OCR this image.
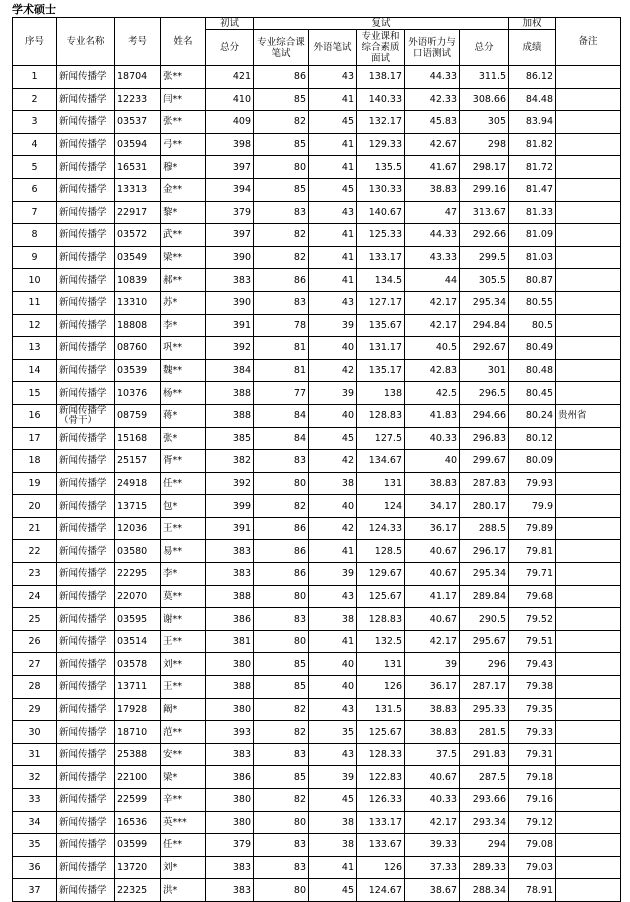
学术硕士
序号	专业名称	考号	姓名	初试	复试					加权	备注
				总分	专业综合课笔试	外语笔试	专业课和综合素质面试	外语听力与口语测试	总分	成绩	
1	新闻传播学	18704	张**	421	86	43	138.17	44.33	311.5	86.12	
2	新闻传播学	12233	闫**	410	85	41	140.33	42.33	308.66	84.48	
3	新闻传播学	03537	张**	409	82	45	132.17	45.83	305	83.94	
4	新闻传播学	03594	弓**	398	85	41	129.33	42.67	298	81.82	
5	新闻传播学	16531	穆*	397	80	41	135.5	41.67	298.17	81.72	
6	新闻传播学	13313	金**	394	85	45	130.33	38.83	299.16	81.47	
7	新闻传播学	22917	黎*	379	83	43	140.67	47	313.67	81.33	
8	新闻传播学	03572	武**	397	82	41	125.33	44.33	292.66	81.09	
9	新闻传播学	03549	梁**	390	82	41	133.17	43.33	299.5	81.03	
10	新闻传播学	10839	郝**	383	86	41	134.5	44	305.5	80.87	
11	新闻传播学	13310	苏*	390	83	43	127.17	42.17	295.34	80.55	
12	新闻传播学	18808	李*	391	78	39	135.67	42.17	294.84	80.5	
13	新闻传播学	08760	巩**	392	81	40	131.17	40.5	292.67	80.49	
14	新闻传播学	03539	魏**	384	81	42	135.17	42.83	301	80.48	
15	新闻传播学	10376	杨**	388	77	39	138	42.5	296.5	80.45	
16	新闻传播学（骨干）	08759	蒋*	388	84	40	128.83	41.83	294.66	80.24	贵州省
17	新闻传播学	15168	张*	385	84	45	127.5	40.33	296.83	80.12	
18	新闻传播学	25157	胥**	382	83	42	134.67	40	299.67	80.09	
19	新闻传播学	24918	任**	392	80	38	131	38.83	287.83	79.93	
20	新闻传播学	13715	包*	399	82	40	124	34.17	280.17	79.9	
21	新闻传播学	12036	王**	391	86	42	124.33	36.17	288.5	79.89	
22	新闻传播学	03580	易**	383	86	41	128.5	40.67	296.17	79.81	
23	新闻传播学	22295	李*	383	86	39	129.67	40.67	295.34	79.71	
24	新闻传播学	22070	莫**	388	80	43	125.67	41.17	289.84	79.68	
25	新闻传播学	03595	谢**	386	83	38	128.83	40.67	290.5	79.52	
26	新闻传播学	03514	王**	381	80	41	132.5	42.17	295.67	79.51	
27	新闻传播学	03578	刘**	380	85	40	131	39	296	79.43	
28	新闻传播学	13711	王**	388	85	40	126	36.17	287.17	79.38	
29	新闻传播学	17928	阚*	380	82	43	131.5	38.83	295.33	79.35	
30	新闻传播学	18710	范**	393	82	35	125.67	38.83	281.5	79.33	
31	新闻传播学	25388	安**	383	83	43	128.33	37.5	291.83	79.31	
32	新闻传播学	22100	梁*	386	85	39	122.83	40.67	287.5	79.18	
33	新闻传播学	22599	辛**	380	82	45	126.33	40.33	293.66	79.16	
34	新闻传播学	16536	英***	380	80	38	133.17	42.17	293.34	79.12	
35	新闻传播学	03599	任**	379	83	38	133.67	39.33	294	79.08	
36	新闻传播学	13720	刘*	383	83	41	126	37.33	289.33	79.03	
37	新闻传播学	22325	洪*	383	80	45	124.67	38.67	288.34	78.91	
